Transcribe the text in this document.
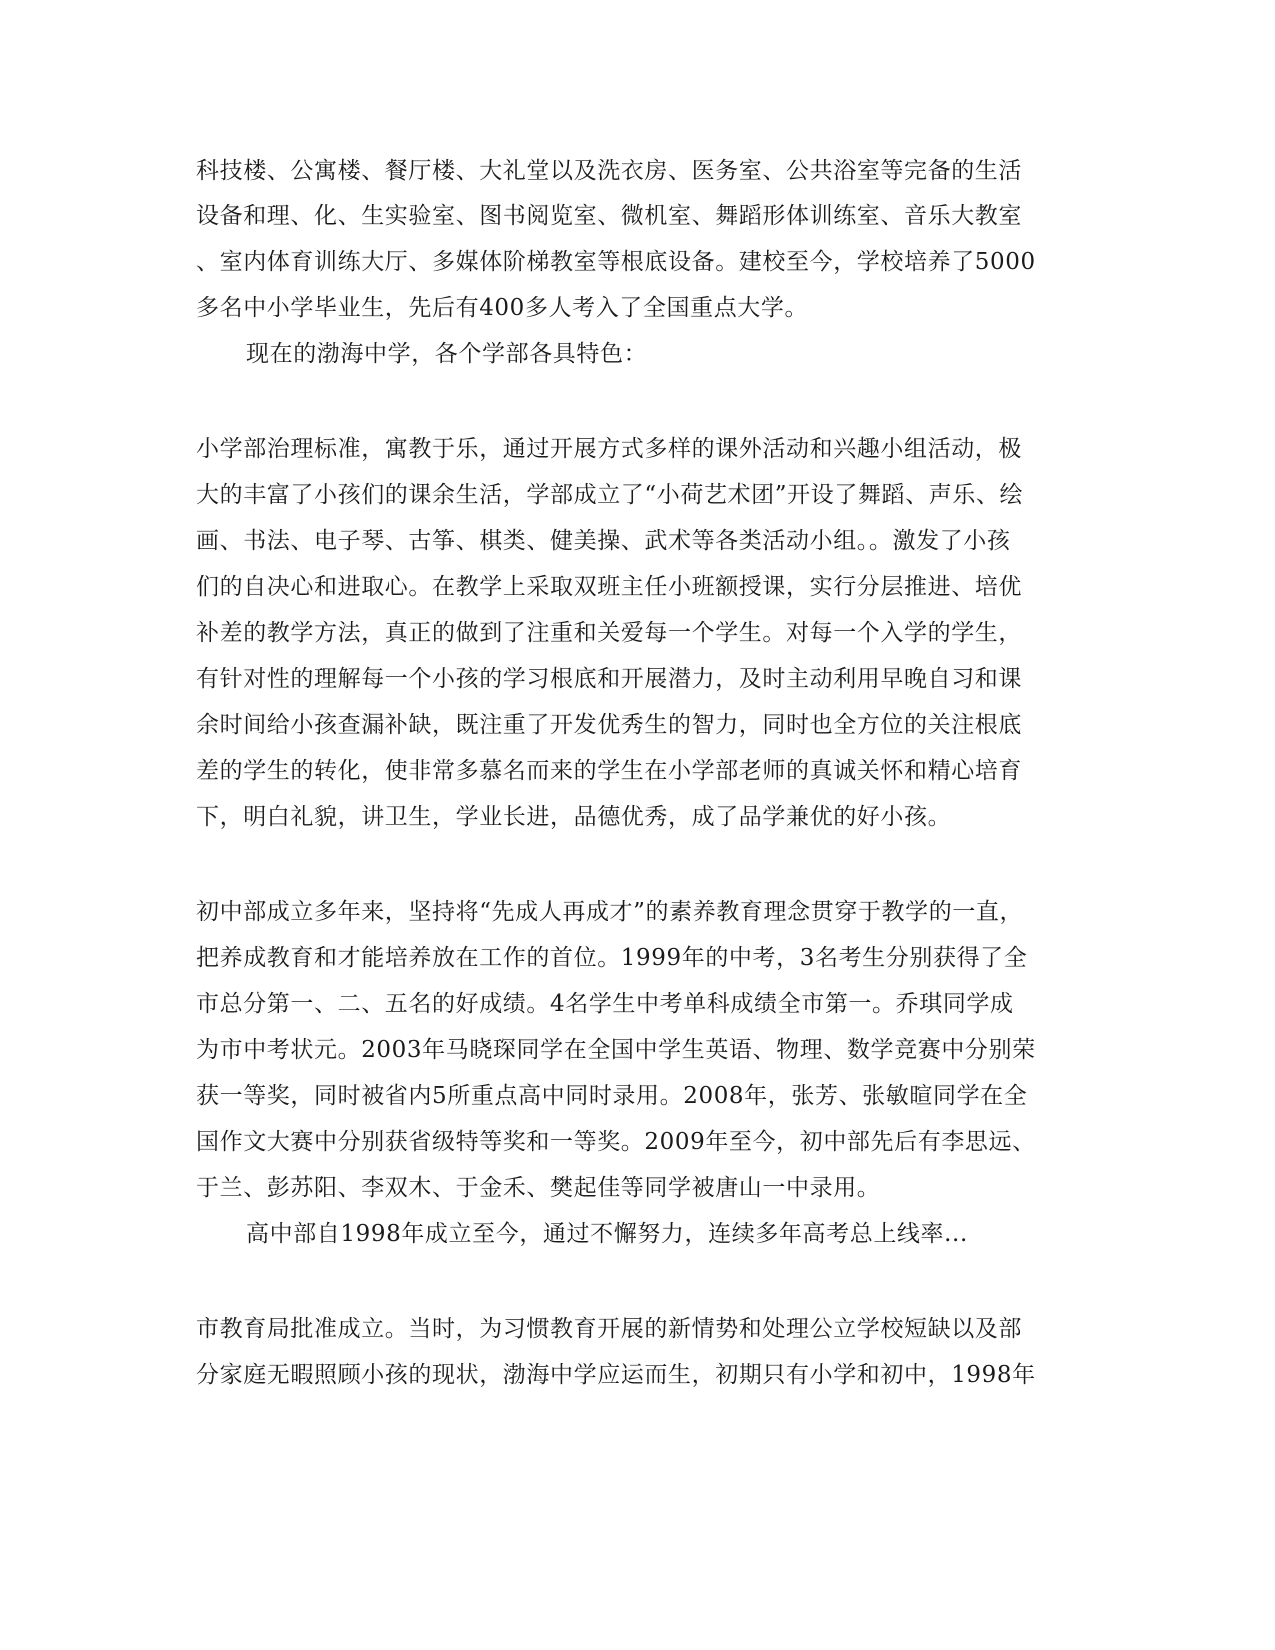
科技楼、公寓楼、餐厅楼、大礼堂以及洗衣房、医务室、公共浴室等完备的生活
设备和理、化、生实验室、图书阅览室、微机室、舞蹈形体训练室、音乐大教室
、室内体育训练大厅、多媒体阶梯教室等根底设备。建校至今，学校培养了5000
多名中小学毕业生，先后有400多人考入了全国重点大学。
现在的渤海中学，各个学部各具特色：
小学部治理标准，寓教于乐，通过开展方式多样的课外活动和兴趣小组活动，极
大的丰富了小孩们的课余生活，学部成立了“小荷艺术团”开设了舞蹈、声乐、绘
画、书法、电子琴、古筝、棋类、健美操、武术等各类活动小组。。激发了小孩
们的自决心和进取心。在教学上采取双班主任小班额授课，实行分层推进、培优
补差的教学方法，真正的做到了注重和关爱每一个学生。对每一个入学的学生，
有针对性的理解每一个小孩的学习根底和开展潜力，及时主动利用早晚自习和课
余时间给小孩查漏补缺，既注重了开发优秀生的智力，同时也全方位的关注根底
差的学生的转化，使非常多慕名而来的学生在小学部老师的真诚关怀和精心培育
下，明白礼貌，讲卫生，学业长进，品德优秀，成了品学兼优的好小孩。
初中部成立多年来，坚持将“先成人再成才”的素养教育理念贯穿于教学的一直，
把养成教育和才能培养放在工作的首位。1999年的中考，3名考生分别获得了全
市总分第一、二、五名的好成绩。4名学生中考单科成绩全市第一。乔琪同学成
为市中考状元。2003年马晓琛同学在全国中学生英语、物理、数学竞赛中分别荣
获一等奖，同时被省内5所重点高中同时录用。2008年，张芳、张敏暄同学在全
国作文大赛中分别获省级特等奖和一等奖。2009年至今，初中部先后有李思远、
于兰、彭苏阳、李双木、于金禾、樊起佳等同学被唐山一中录用。
高中部自1998年成立至今，通过不懈努力，连续多年高考总上线率...
市教育局批准成立。当时，为习惯教育开展的新情势和处理公立学校短缺以及部
分家庭无暇照顾小孩的现状，渤海中学应运而生，初期只有小学和初中，1998年
